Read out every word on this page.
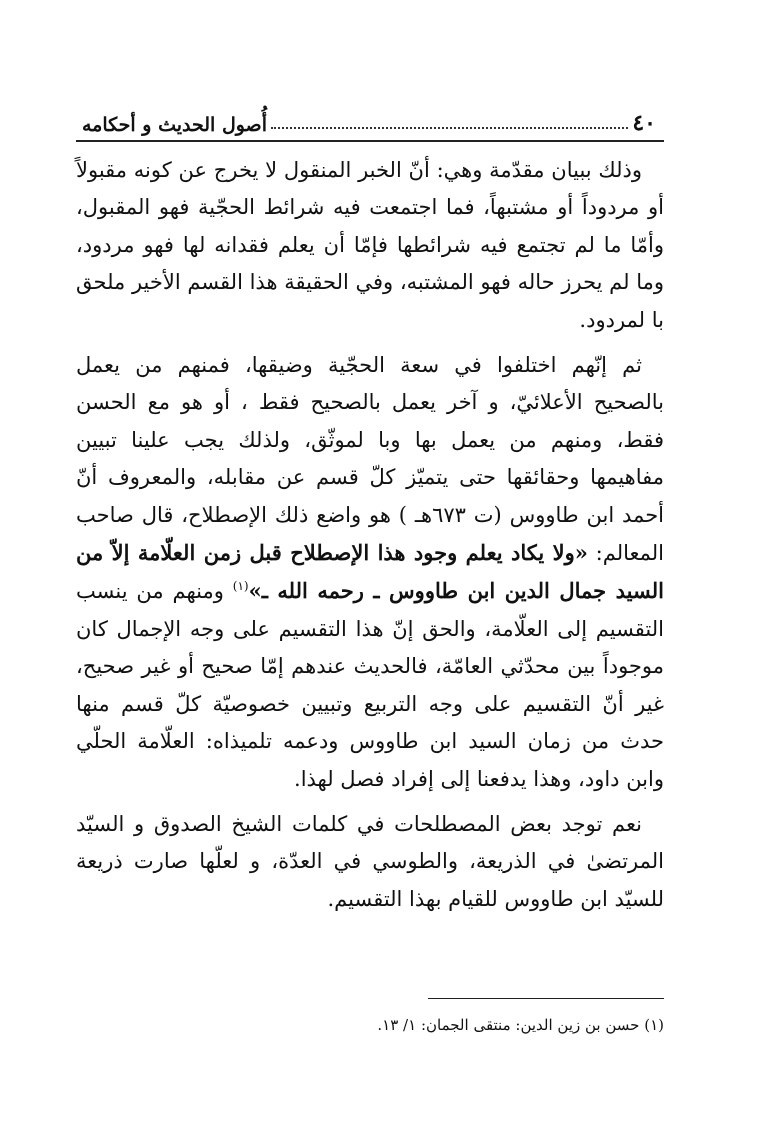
٤٠
أُصول الحديث و أحكامه

وذلك ببيان مقدّمة وهي: أنّ الخبر المنقول لا يخرج عن كونه مقبولاً أو مردوداً أو مشتبهاً، فما اجتمعت فيه شرائط الحجّية فهو المقبول، وأمّا ما لم تجتمع فيه شرائطها فإمّا أن يعلم فقدانه لها فهو مردود، وما لم يحرز حاله فهو المشتبه، وفي الحقيقة هذا القسم الأخير ملحق با لمردود.

ثم إنّهم اختلفوا في سعة الحجّية وضيقها، فمنهم من يعمل بالصحيح الأعلائيّ، و آخر يعمل بالصحيح فقط ، أو هو مع الحسن فقط، ومنهم من يعمل بها وبا لموثّق، ولذلك يجب علينا تبيين مفاهيمها وحقائقها حتى يتميّز كلّ قسم عن مقابله، والمعروف أنّ أحمد ابن طاووس (ت ٦٧٣هـ ) هو واضع ذلك الإصطلاح، قال صاحب المعالم: «ولا يكاد يعلم وجود هذا الإصطلاح قبل زمن العلّامة إلاّ من السيد جمال الدين ابن طاووس ـ رحمه الله ـ»$^{(١)}$ ومنهم من ينسب التقسيم إلى العلّامة، والحق إنّ هذا التقسيم على وجه الإجمال كان موجوداً بين محدّثي العامّة، فالحديث عندهم إمّا صحيح أو غير صحيح، غير أنّ التقسيم على وجه التربيع وتبيين خصوصيّة كلّ قسم منها حدث من زمان السيد ابن طاووس ودعمه تلميذاه: العلّامة الحلّي وابن داود، وهذا يدفعنا إلى إفراد فصل لهذا.

نعم توجد بعض المصطلحات في كلمات الشيخ الصدوق و السيّد المرتضىٰ في الذريعة، والطوسي في العدّة، و لعلّها صارت ذريعة للسيّد ابن طاووس للقيام بهذا التقسيم.

(١) حسن بن زين الدين: منتقى الجمان: ١/ ١٣.
